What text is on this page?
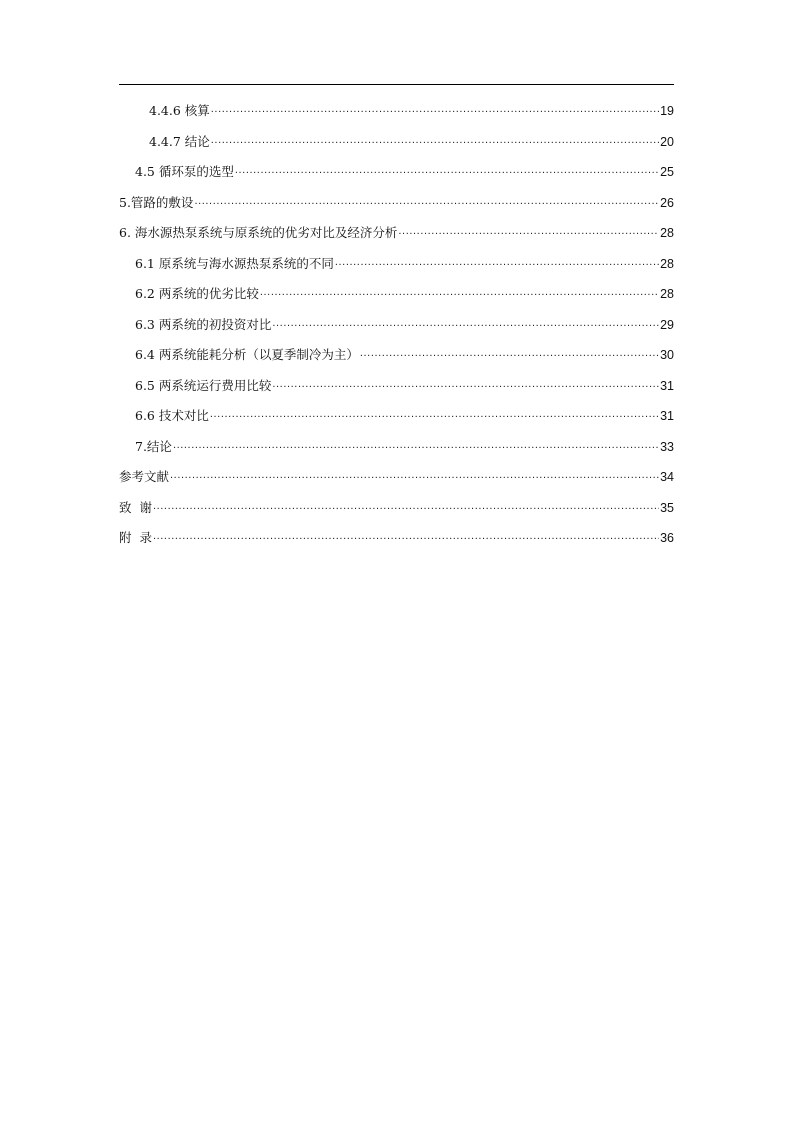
4.4.6 核算 .....	19
4.4.7 结论 .....	20
4.5 循环泵的选型 .....	25
5.管路的敷设 .....	26
6. 海水源热泵系统与原系统的优劣对比及经济分析 .....	28
6.1 原系统与海水源热泵系统的不同 .....	28
6.2 两系统的优劣比较 .....	28
6.3 两系统的初投资对比 .....	29
6.4 两系统能耗分析（以夏季制冷为主） .....	30
6.5 两系统运行费用比较 .....	31
6.6 技术对比 .....	31
7.结论 .....	33
参考文献 .....	34
致  谢 .....	35
附  录 .....	36
